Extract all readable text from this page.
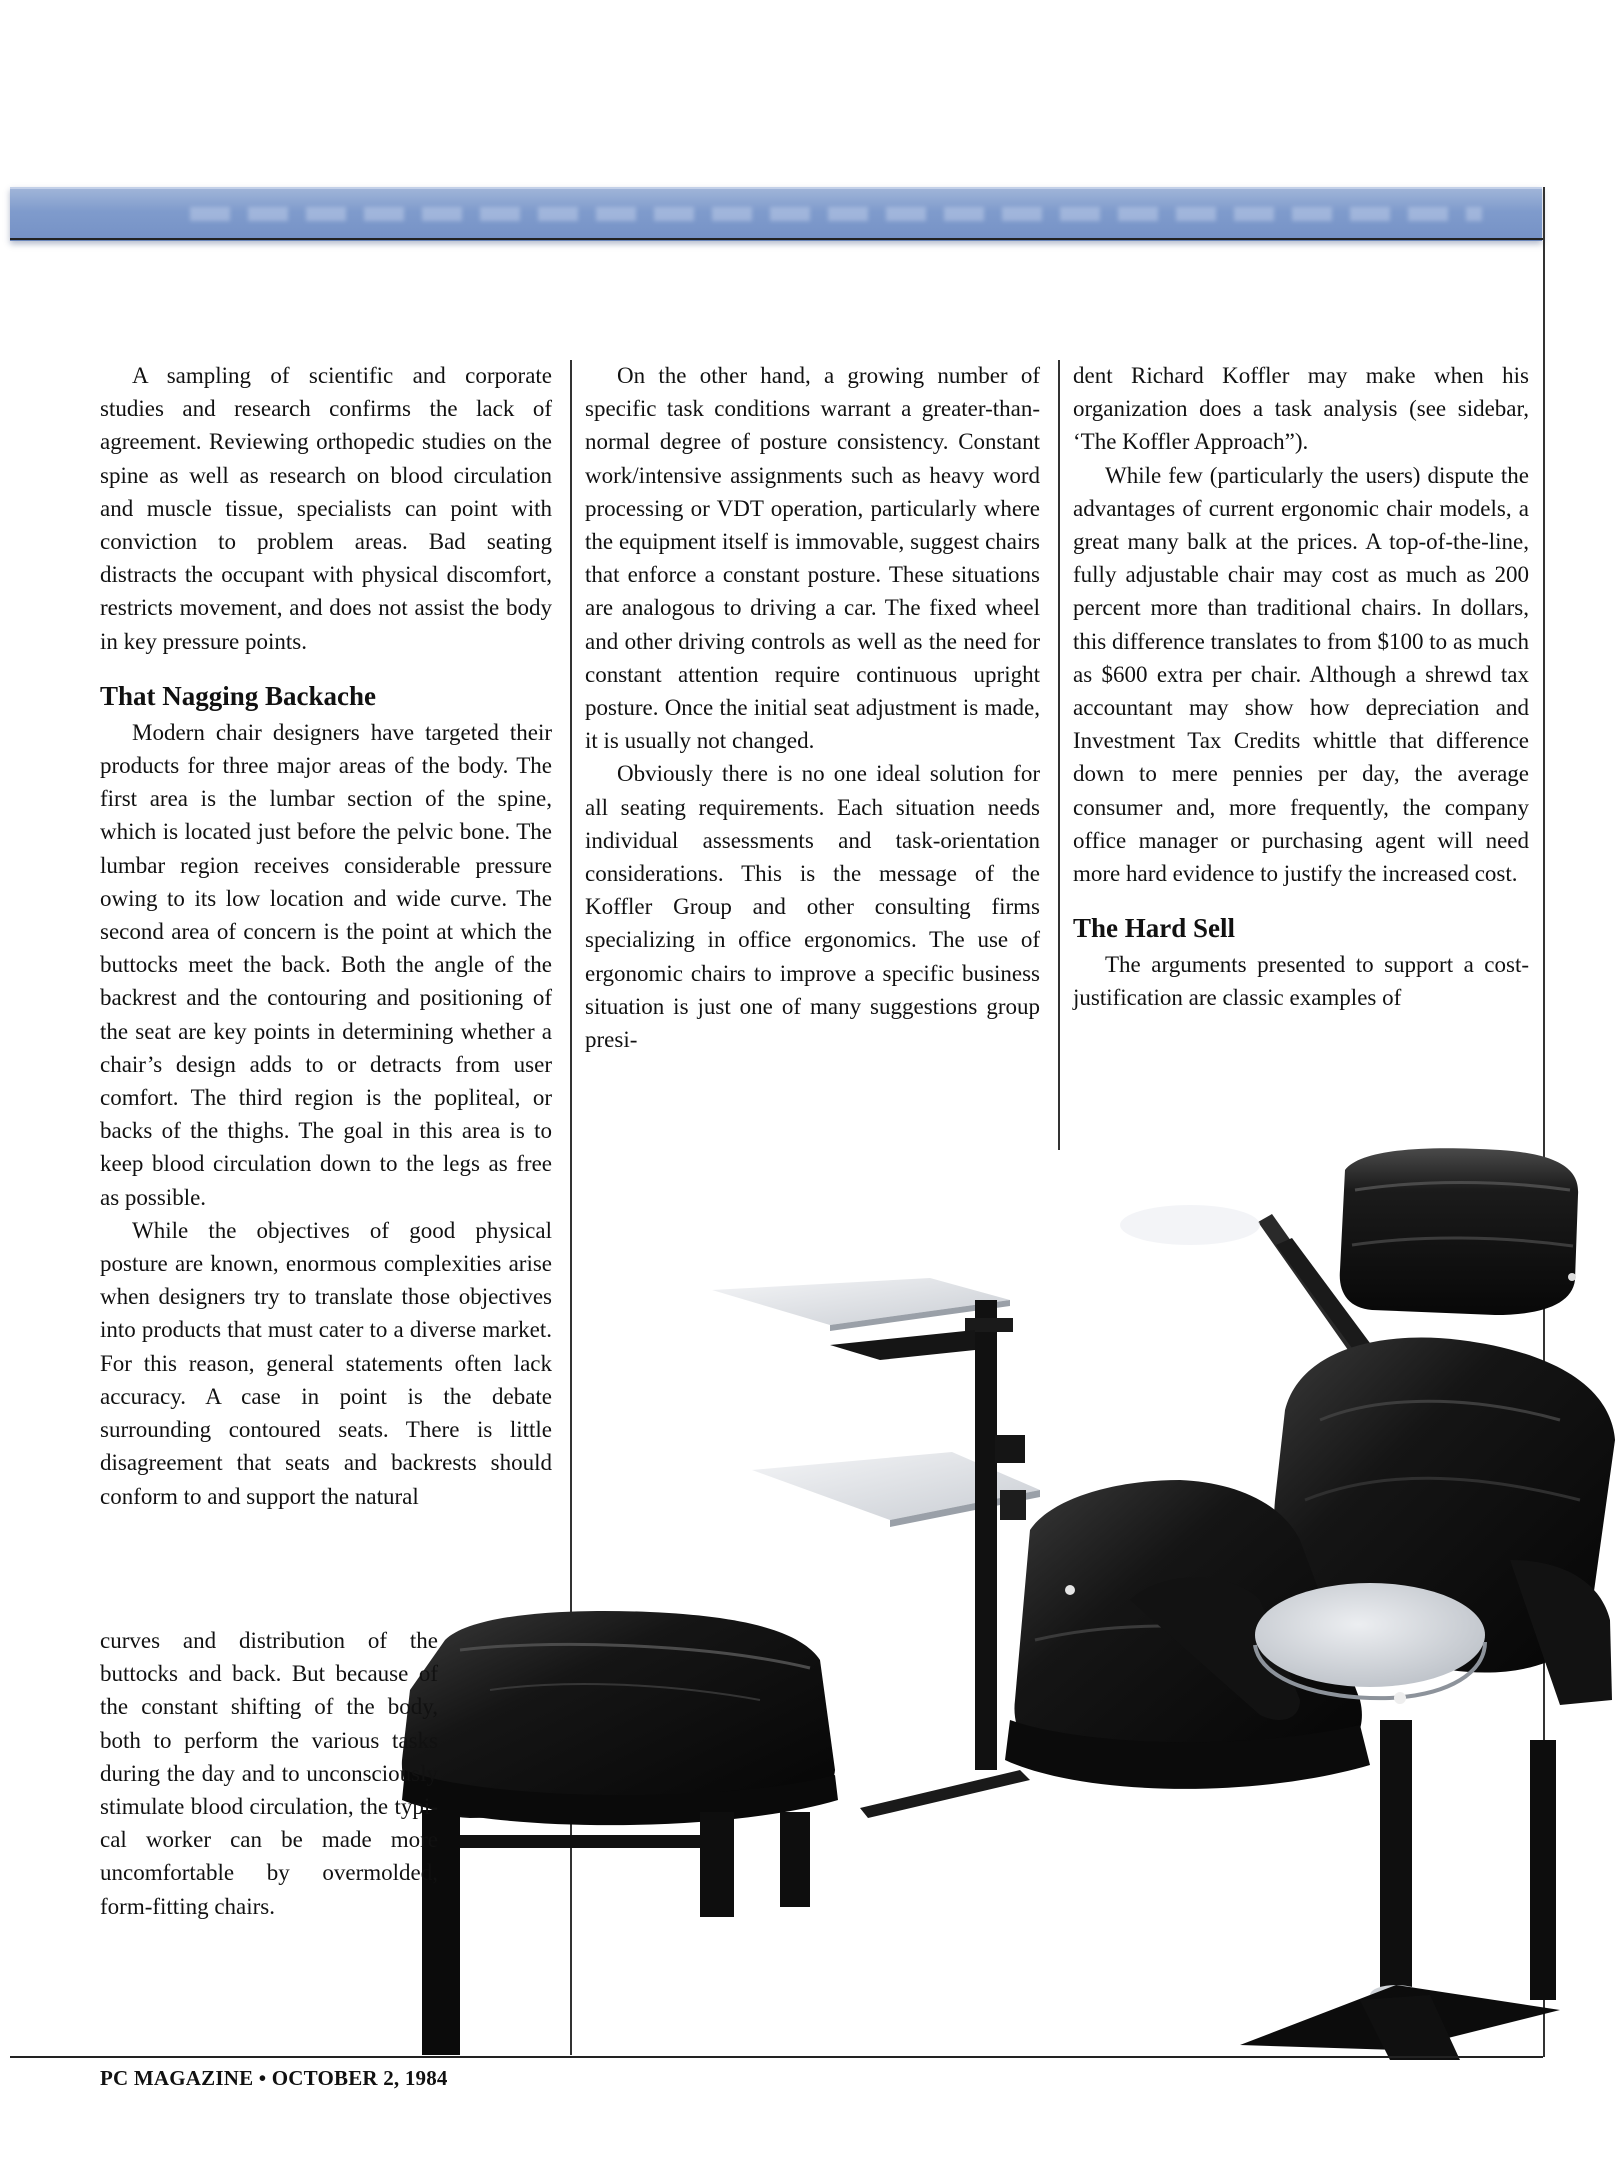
A sampling of scientific and corporate studies and research confirms the lack of agreement. Reviewing orthopedic studies on the spine as well as research on blood circulation and muscle tissue, specialists can point with conviction to problem areas. Bad seating distracts the occupant with physical discomfort, restricts movement, and does not assist the body in key pressure points.

That Nagging Backache

Modern chair designers have targeted their products for three major areas of the body. The first area is the lumbar section of the spine, which is located just before the pelvic bone. The lumbar region receives considerable pressure owing to its low location and wide curve. The second area of concern is the point at which the buttocks meet the back. Both the angle of the backrest and the contouring and positioning of the seat are key points in determining whether a chair’s design adds to or detracts from user comfort. The third region is the popliteal, or backs of the thighs. The goal in this area is to keep blood circulation down to the legs as free as possible.

While the objectives of good physical posture are known, enormous complexities arise when designers try to translate those objectives into products that must cater to a diverse market. For this reason, general statements often lack accuracy. A case in point is the debate surrounding contoured seats. There is little disagreement that seats and backrests should conform to and support the natural

curves and distribution of the buttocks and back. But because of the constant shifting of the body, both to perform the various tasks during the day and to unconsciously stimulate blood circulation, the typical worker can be made more uncomfortable by overmolded, form-fitting chairs.

On the other hand, a growing number of specific task conditions warrant a greater-than-normal degree of posture consistency. Constant work/intensive assignments such as heavy word processing or VDT operation, particularly where the equipment itself is immovable, suggest chairs that enforce a constant posture. These situations are analogous to driving a car. The fixed wheel and other driving controls as well as the need for constant attention require continuous upright posture. Once the initial seat adjustment is made, it is usually not changed.

Obviously there is no one ideal solution for all seating requirements. Each situation needs individual assessments and task-orientation considerations. This is the message of the Koffler Group and other consulting firms specializing in office ergonomics. The use of ergonomic chairs to improve a specific business situation is just one of many suggestions group presi-

dent Richard Koffler may make when his organization does a task analysis (see sidebar, ‘The Koffler Approach”).

While few (particularly the users) dispute the advantages of current ergonomic chair models, a great many balk at the prices. A top-of-the-line, fully adjustable chair may cost as much as 200 percent more than traditional chairs. In dollars, this difference translates to from $100 to as much as $600 extra per chair. Although a shrewd tax accountant may show how depreciation and Investment Tax Credits whittle that difference down to mere pennies per day, the average consumer and, more frequently, the company office manager or purchasing agent will need more hard evidence to justify the increased cost.

The Hard Sell

The arguments presented to support a cost-justification are classic examples of

PC MAGAZINE • OCTOBER 2, 1984
